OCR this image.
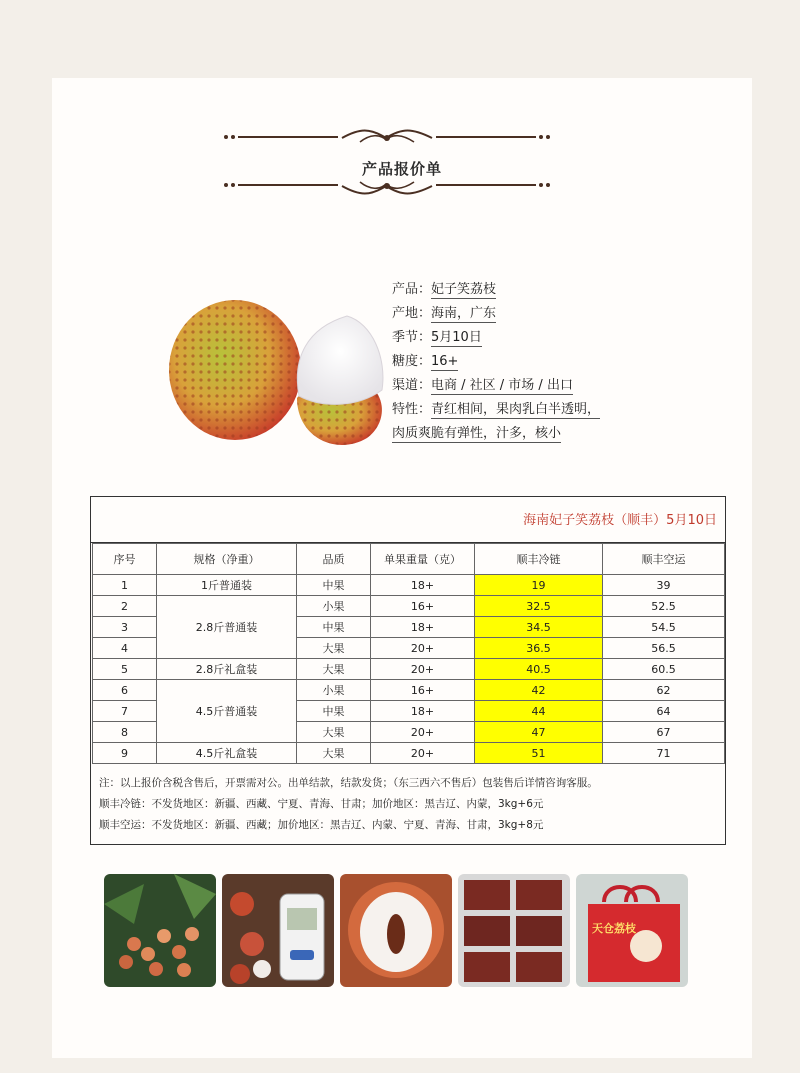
产品报价单
产品：妃子笑荔枝
产地：海南，广东
季节：5月10日
糖度：16+
渠道：电商 / 社区 / 市场 / 出口
特性：青红相间，果肉乳白半透明，
肉质爽脆有弹性，汁多，核小
海南妃子笑荔枝（顺丰）5月10日
序号	规格（净重）	品质	单果重量（克）	顺丰冷链	顺丰空运
1	1斤普通装	中果	18+	19	39
2	2.8斤普通装	小果	16+	32.5	52.5
3		中果	18+	34.5	54.5
4		大果	20+	36.5	56.5
5	2.8斤礼盒装	大果	20+	40.5	60.5
6	4.5斤普通装	小果	16+	42	62
7		中果	18+	44	64
8		大果	20+	47	67
9	4.5斤礼盒装	大果	20+	51	71
注：以上报价含税含售后，开票需对公。出单结款，结款发货；（东三西六不售后）包装售后详情咨询客服。
顺丰冷链：不发货地区：新疆、西藏、宁夏、青海、甘肃；加价地区：黑吉辽、内蒙，3kg+6元
顺丰空运：不发货地区：新疆、西藏；加价地区：黑吉辽、内蒙、宁夏、青海、甘肃，3kg+8元
天仓荔枝
